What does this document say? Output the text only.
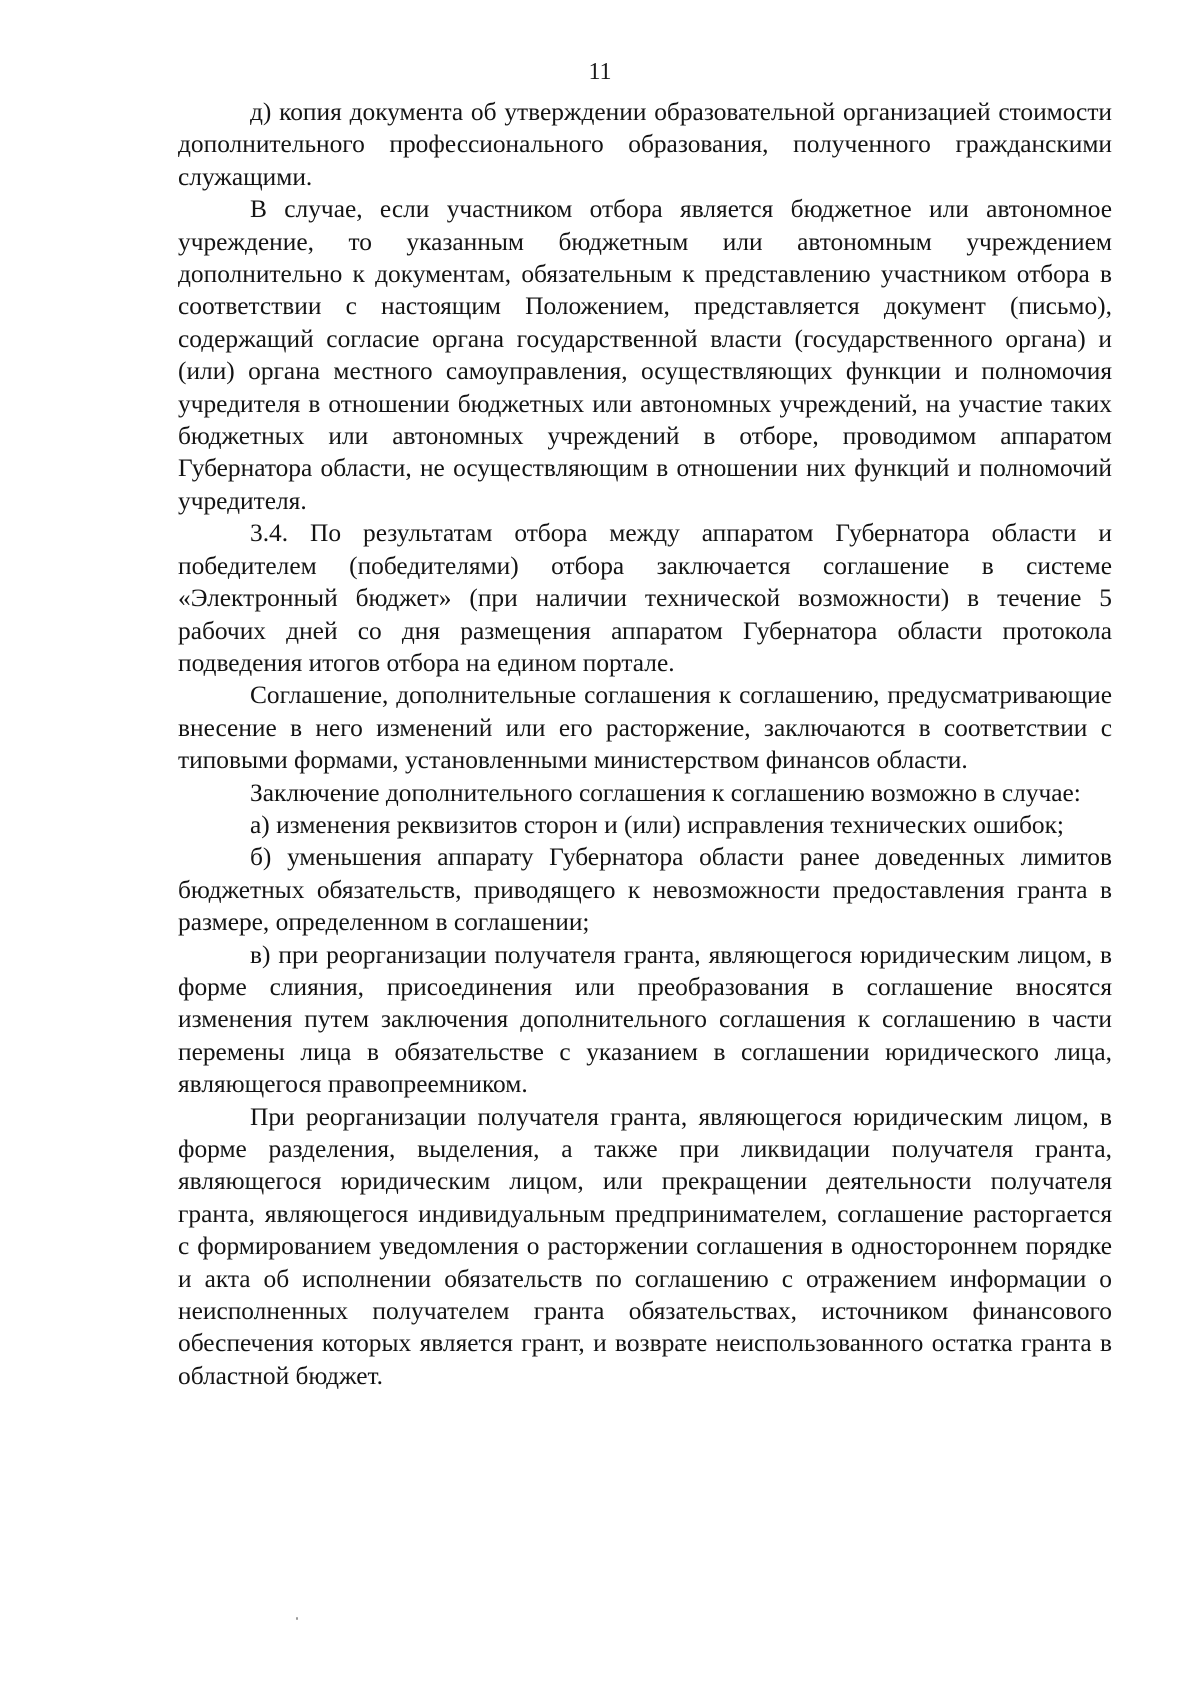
11

д) копия документа об утверждении образовательной организацией стоимости дополнительного профессионального образования, полученного гражданскими служащими.

В случае, если участником отбора является бюджетное или автономное учреждение, то указанным бюджетным или автономным учреждением дополнительно к документам, обязательным к представлению участником отбора в соответствии с настоящим Положением, представляется документ (письмо), содержащий согласие органа государственной власти (государственного органа) и (или) органа местного самоуправления, осуществляющих функции и полномочия учредителя в отношении бюджетных или автономных учреждений, на участие таких бюджетных или автономных учреждений в отборе, проводимом аппаратом Губернатора области, не осуществляющим в отношении них функций и полномочий учредителя.

3.4. По результатам отбора между аппаратом Губернатора области и победителем (победителями) отбора заключается соглашение в системе «Электронный бюджет» (при наличии технической возможности) в течение 5 рабочих дней со дня размещения аппаратом Губернатора области протокола подведения итогов отбора на едином портале.

Соглашение, дополнительные соглашения к соглашению, предусматривающие внесение в него изменений или его расторжение, заключаются в соответствии с типовыми формами, установленными министерством финансов области.

Заключение дополнительного соглашения к соглашению возможно в случае:

а) изменения реквизитов сторон и (или) исправления технических ошибок;

б) уменьшения аппарату Губернатора области ранее доведенных лимитов бюджетных обязательств, приводящего к невозможности предоставления гранта в размере, определенном в соглашении;

в) при реорганизации получателя гранта, являющегося юридическим лицом, в форме слияния, присоединения или преобразования в соглашение вносятся изменения путем заключения дополнительного соглашения к соглашению в части перемены лица в обязательстве с указанием в соглашении юридического лица, являющегося правопреемником.

При реорганизации получателя гранта, являющегося юридическим лицом, в форме разделения, выделения, а также при ликвидации получателя гранта, являющегося юридическим лицом, или прекращении деятельности получателя гранта, являющегося индивидуальным предпринимателем, соглашение расторгается с формированием уведомления о расторжении соглашения в одностороннем порядке и акта об исполнении обязательств по соглашению с отражением информации о неисполненных получателем гранта обязательствах, источником финансового обеспечения которых является грант, и возврате неиспользованного остатка гранта в областной бюджет.
